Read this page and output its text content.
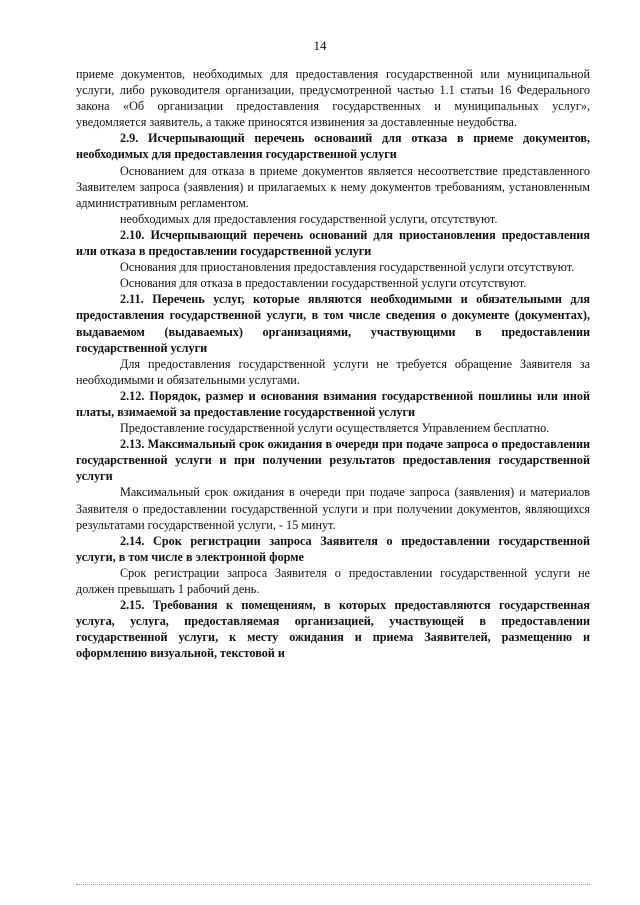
14

приеме документов, необходимых для предоставления государственной или муниципальной услуги, либо руководителя организации, предусмотренной частью 1.1 статьи 16 Федерального закона «Об организации предоставления государственных и муниципальных услуг», уведомляется заявитель, а также приносятся извинения за доставленные неудобства.

2.9. Исчерпывающий перечень оснований для отказа в приеме документов, необходимых для предоставления государственной услуги

Основанием для отказа в приеме документов является несоответствие представленного Заявителем запроса (заявления) и прилагаемых к нему документов требованиям, установленным административным регламентом.

необходимых для предоставления государственной услуги, отсутствуют.

2.10. Исчерпывающий перечень оснований для приостановления предоставления или отказа в предоставлении государственной услуги

Основания для приостановления предоставления государственной услуги отсутствуют.

Основания для отказа в предоставлении государственной услуги отсутствуют.

2.11. Перечень услуг, которые являются необходимыми и обязательными для предоставления государственной услуги, в том числе сведения о документе (документах), выдаваемом (выдаваемых) организациями, участвующими в предоставлении государственной услуги

Для предоставления государственной услуги не требуется обращение Заявителя за необходимыми и обязательными услугами.

2.12. Порядок, размер и основания взимания государственной пошлины или иной платы, взимаемой за предоставление государственной услуги

Предоставление государственной услуги осуществляется Управлением бесплатно.

2.13. Максимальный срок ожидания в очереди при подаче запроса о предоставлении государственной услуги и при получении результатов предоставления государственной услуги

Максимальный срок ожидания в очереди при подаче запроса (заявления) и материалов Заявителя о предоставлении государственной услуги и при получении документов, являющихся результатами государственной услуги, - 15 минут.

2.14. Срок регистрации запроса Заявителя о предоставлении государственной услуги, в том числе в электронной форме

Срок регистрации запроса Заявителя о предоставлении государственной услуги не должен превышать 1 рабочий день.

2.15. Требования к помещениям, в которых предоставляются государственная услуга, услуга, предоставляемая организацией, участвующей в предоставлении государственной услуги, к месту ожидания и приема Заявителей, размещению и оформлению визуальной, текстовой и
